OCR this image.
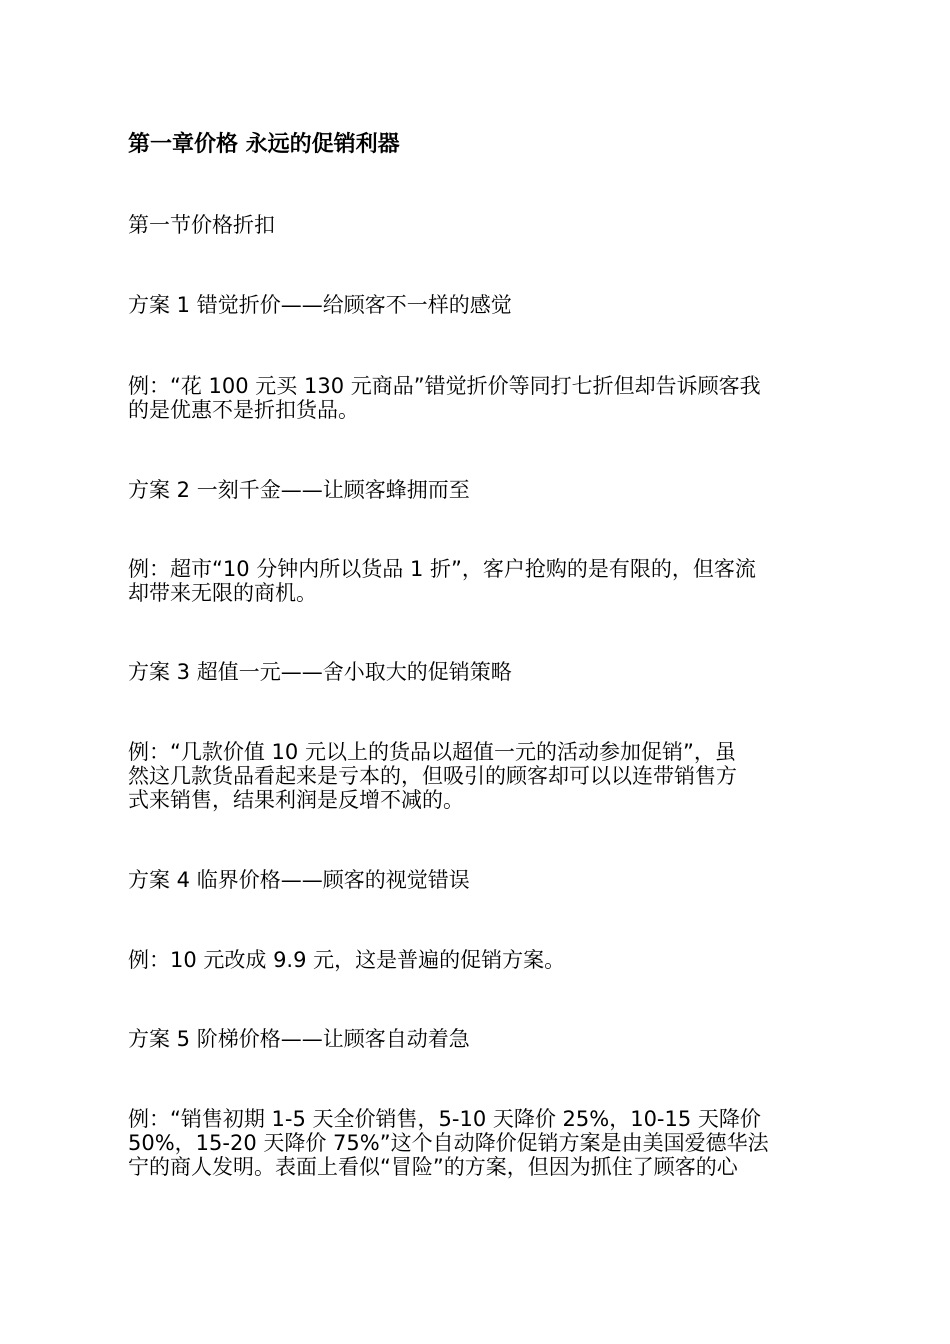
第一章价格 永远的促销利器

第一节价格折扣

方案 1 错觉折价——给顾客不一样的感觉

例：“花 100 元买 130 元商品”错觉折价等同打七折但却告诉顾客我
的是优惠不是折扣货品。

方案 2 一刻千金——让顾客蜂拥而至

例：超市“10 分钟内所以货品 1 折”，客户抢购的是有限的，但客流
却带来无限的商机。

方案 3 超值一元——舍小取大的促销策略

例：“几款价值 10 元以上的货品以超值一元的活动参加促销”，虽
然这几款货品看起来是亏本的，但吸引的顾客却可以以连带销售方
式来销售，结果利润是反增不减的。

方案 4 临界价格——顾客的视觉错误

例：10 元改成 9.9 元，这是普遍的促销方案。

方案 5 阶梯价格——让顾客自动着急

例：“销售初期 1-5 天全价销售，5-10 天降价 25%，10-15 天降价
50%，15-20 天降价 75%”这个自动降价促销方案是由美国爱德华法
宁的商人发明。表面上看似“冒险”的方案，但因为抓住了顾客的心
